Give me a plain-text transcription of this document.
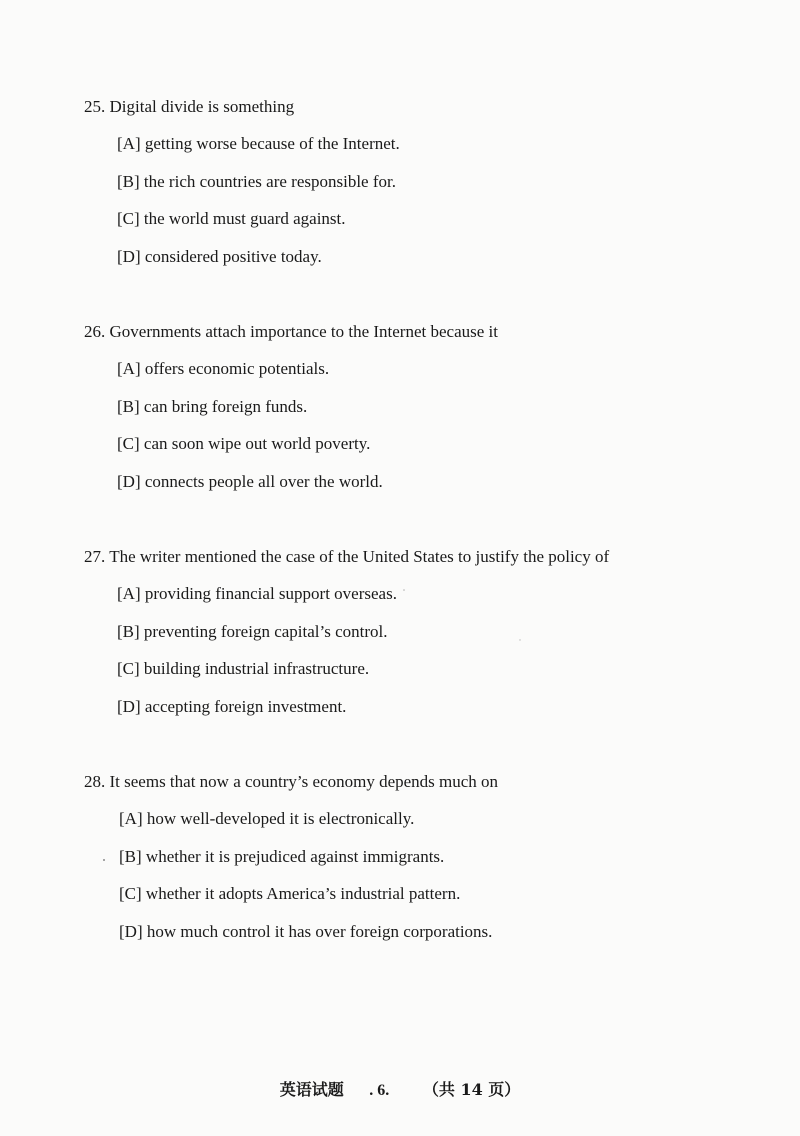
25. Digital divide is something
[A] getting worse because of the Internet.
[B] the rich countries are responsible for.
[C] the world must guard against.
[D] considered positive today.
26. Governments attach importance to the Internet because it
[A] offers economic potentials.
[B] can bring foreign funds.
[C] can soon wipe out world poverty.
[D] connects people all over the world.
27. The writer mentioned the case of the United States to justify the policy of
[A] providing financial support overseas.
[B] preventing foreign capital’s control.
[C] building industrial infrastructure.
[D] accepting foreign investment.
28. It seems that now a country’s economy depends much on
[A] how well-developed it is electronically.
[B] whether it is prejudiced against immigrants.
[C] whether it adopts America’s industrial pattern.
[D] how much control it has over foreign corporations.
英语试题 . 6. （共 14 页）
